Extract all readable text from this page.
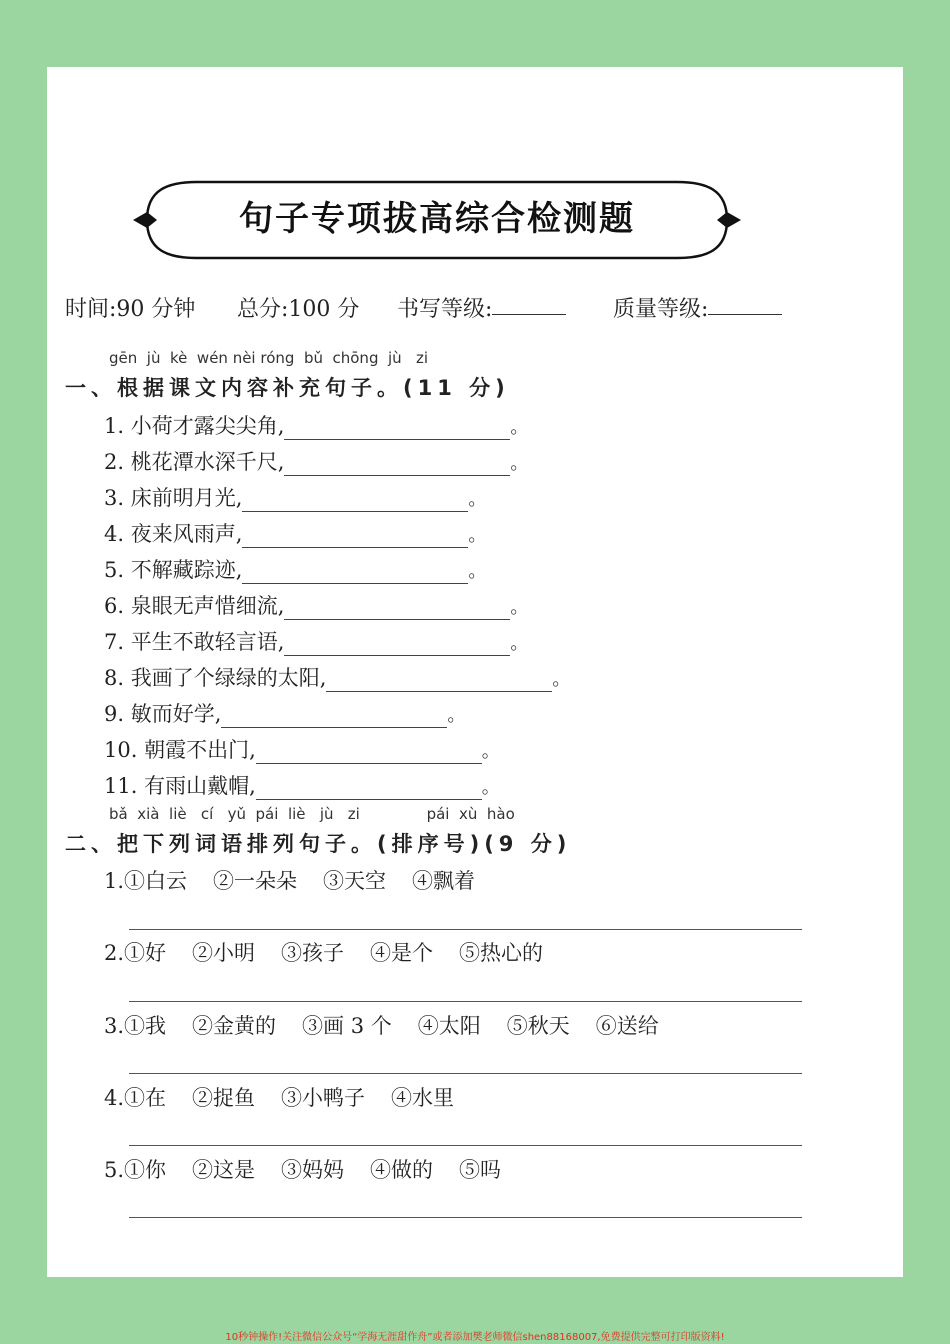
句子专项拔高综合检测题
时间:90 分钟 总分:100 分 书写等级:	质量等级:
gēn  jù  kè  wén nèi róng  bǔ  chōng  jù   zi
一、根据课文内容补充句子。(11 分)
1. 小荷才露尖尖角,	。
2. 桃花潭水深千尺,	。
3. 床前明月光,	。
4. 夜来风雨声,	。
5. 不解藏踪迹,	。
6. 泉眼无声惜细流,	。
7. 平生不敢轻言语,	。
8. 我画了个绿绿的太阳,	。
9. 敏而好学,	。
10. 朝霞不出门,	。
11. 有雨山戴帽,	。
bǎ  xià  liè   cí   yǔ  pái  liè   jù   zi              pái  xù  hào
二、把下列词语排列句子。(排序号)(9 分)
1.①白云 ②一朵朵 ③天空 ④飘着
2.①好 ②小明 ③孩子 ④是个 ⑤热心的
3.①我 ②金黄的 ③画 3 个 ④太阳 ⑤秋天 ⑥送给
4.①在 ②捉鱼 ③小鸭子 ④水里
5.①你 ②这是 ③妈妈 ④做的 ⑤吗
10秒钟操作!关注微信公众号“学海无涯甜作舟”或者添加樊老师微信shen88168007,免费提供完整可打印版资料!
